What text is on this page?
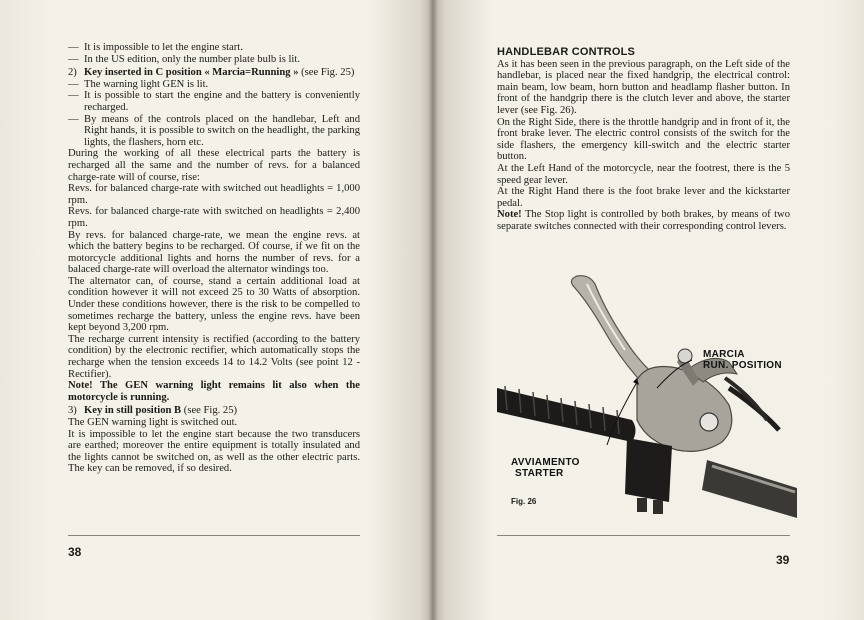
— It is impossible to let the engine start.

— In the US edition, only the number plate bulb is lit.

2) Key inserted in C position « Marcia=Running » (see Fig. 25)

— The warning light GEN is lit.

— It is possible to start the engine and the battery is conveniently recharged.

— By means of the controls placed on the handlebar, Left and Right hands, it is possible to switch on the headlight, the parking lights, the flashers, horn etc.

During the working of all these electrical parts the battery is recharged all the same and the number of revs. for a balanced charge-rate will of course, rise:

Revs. for balanced charge-rate with switched out headlights = 1,000 rpm.

Revs. for balanced charge-rate with switched on headlights = 2,400 rpm.

By revs. for balanced charge-rate, we mean the engine revs. at which the battery begins to be recharged. Of course, if we fit on the motorcycle additional lights and horns the number of revs. for a balaced charge-rate will overload the alternator windings too.

The alternator can, of course, stand a certain additional load at condition however it will not exceed 25 to 30 Watts of absorption. Under these conditions however, there is the risk to be compelled to sometimes recharge the battery, unless the engine revs. have been kept beyond 3,200 rpm.

The recharge current intensity is rectified (according to the battery condition) by the electronic rectifier, which automatically stops the recharge when the tension exceeds 14 to 14.2 Volts (see point 12 - Rectifier).

Note! The GEN warning light remains lit also when the motorcycle is running.

3) Key in still position B (see Fig. 25)

The GEN warning light is switched out.

It is impossible to let the engine start because the two transducers are earthed; moreover the entire equipment is totally insulated and the lights cannot be switched on, as well as the other electric parts. The key can be removed, if so desired.

38

HANDLEBAR CONTROLS

As it has been seen in the previous paragraph, on the Left side of the handlebar, is placed near the fixed handgrip, the electrical control: main beam, low beam, horn button and headlamp flasher button. In front of the handgrip there is the clutch lever and above, the starter lever (see Fig. 26).

On the Right Side, there is the throttle handgrip and in front of it, the front brake lever. The electric control consists of the switch for the side flashers, the emergency kill-switch and the electric starter button.

At the Left Hand of the motorcycle, near the footrest, there is the 5 speed gear lever.

At the Right Hand there is the foot brake lever and the kickstarter pedal.

Note! The Stop light is controlled by both brakes, by means of two separate switches connected with their corresponding control levers.

MARCIA
RUN. POSITION
AVVIAMENTO
STARTER
Fig. 26
39
